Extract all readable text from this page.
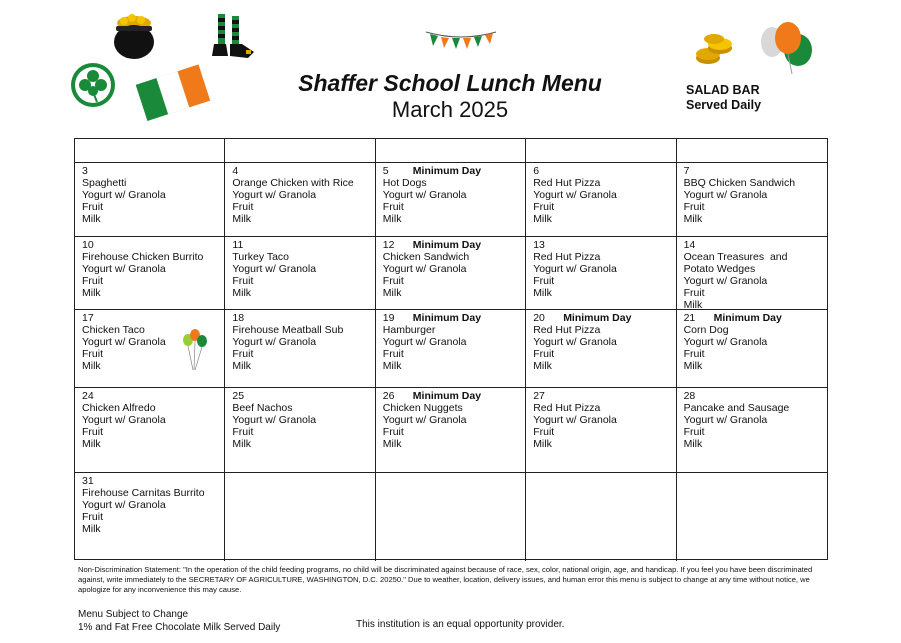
Shaffer School Lunch Menu
March 2025
SALAD BAR
Served Daily
3
Spaghetti
Yogurt w/ Granola
Fruit
Milk
4
Orange Chicken with Rice
Yogurt w/ Granola
Fruit
Milk
5 Minimum Day
Hot Dogs
Yogurt w/ Granola
Fruit
Milk
6
Red Hut Pizza
Yogurt w/ Granola
Fruit
Milk
7
BBQ Chicken Sandwich
Yogurt w/ Granola
Fruit
Milk
10
Firehouse Chicken Burrito
Yogurt w/ Granola
Fruit
Milk
11
Turkey Taco
Yogurt w/ Granola
Fruit
Milk
12 Minimum Day
Chicken Sandwich
Yogurt w/ Granola
Fruit
Milk
13
Red Hut Pizza
Yogurt w/ Granola
Fruit
Milk
14
Ocean Treasures  and
Potato Wedges
Yogurt w/ Granola
Fruit
Milk
17
Chicken Taco
Yogurt w/ Granola
Fruit
Milk
18
Firehouse Meatball Sub
Yogurt w/ Granola
Fruit
Milk
19 Minimum Day
Hamburger
Yogurt w/ Granola
Fruit
Milk
20 Minimum Day
Red Hut Pizza
Yogurt w/ Granola
Fruit
Milk
21 Minimum Day
Corn Dog
Yogurt w/ Granola
Fruit
Milk
24
Chicken Alfredo
Yogurt w/ Granola
Fruit
Milk
25
Beef Nachos
Yogurt w/ Granola
Fruit
Milk
26 Minimum Day
Chicken Nuggets
Yogurt w/ Granola
Fruit
Milk
27
Red Hut Pizza
Yogurt w/ Granola
Fruit
Milk
28
Pancake and Sausage
Yogurt w/ Granola
Fruit
Milk
31
Firehouse Carnitas Burrito
Yogurt w/ Granola
Fruit
Milk
Non-Discrimination Statement: "In the operation of the child feeding programs, no child will be discriminated against because of race, sex, color, national origin, age, and handicap. If you feel you have been discriminated against, write immediately to the SECRETARY OF AGRICULTURE, WASHINGTON, D.C. 20250." Due to weather, location, delivery issues, and human error this menu is subject to change at any time without notice, we apologize for any inconvenience this may cause.
Menu Subject to Change
1% and Fat Free Chocolate Milk Served Daily	This institution is an equal opportunity provider.
